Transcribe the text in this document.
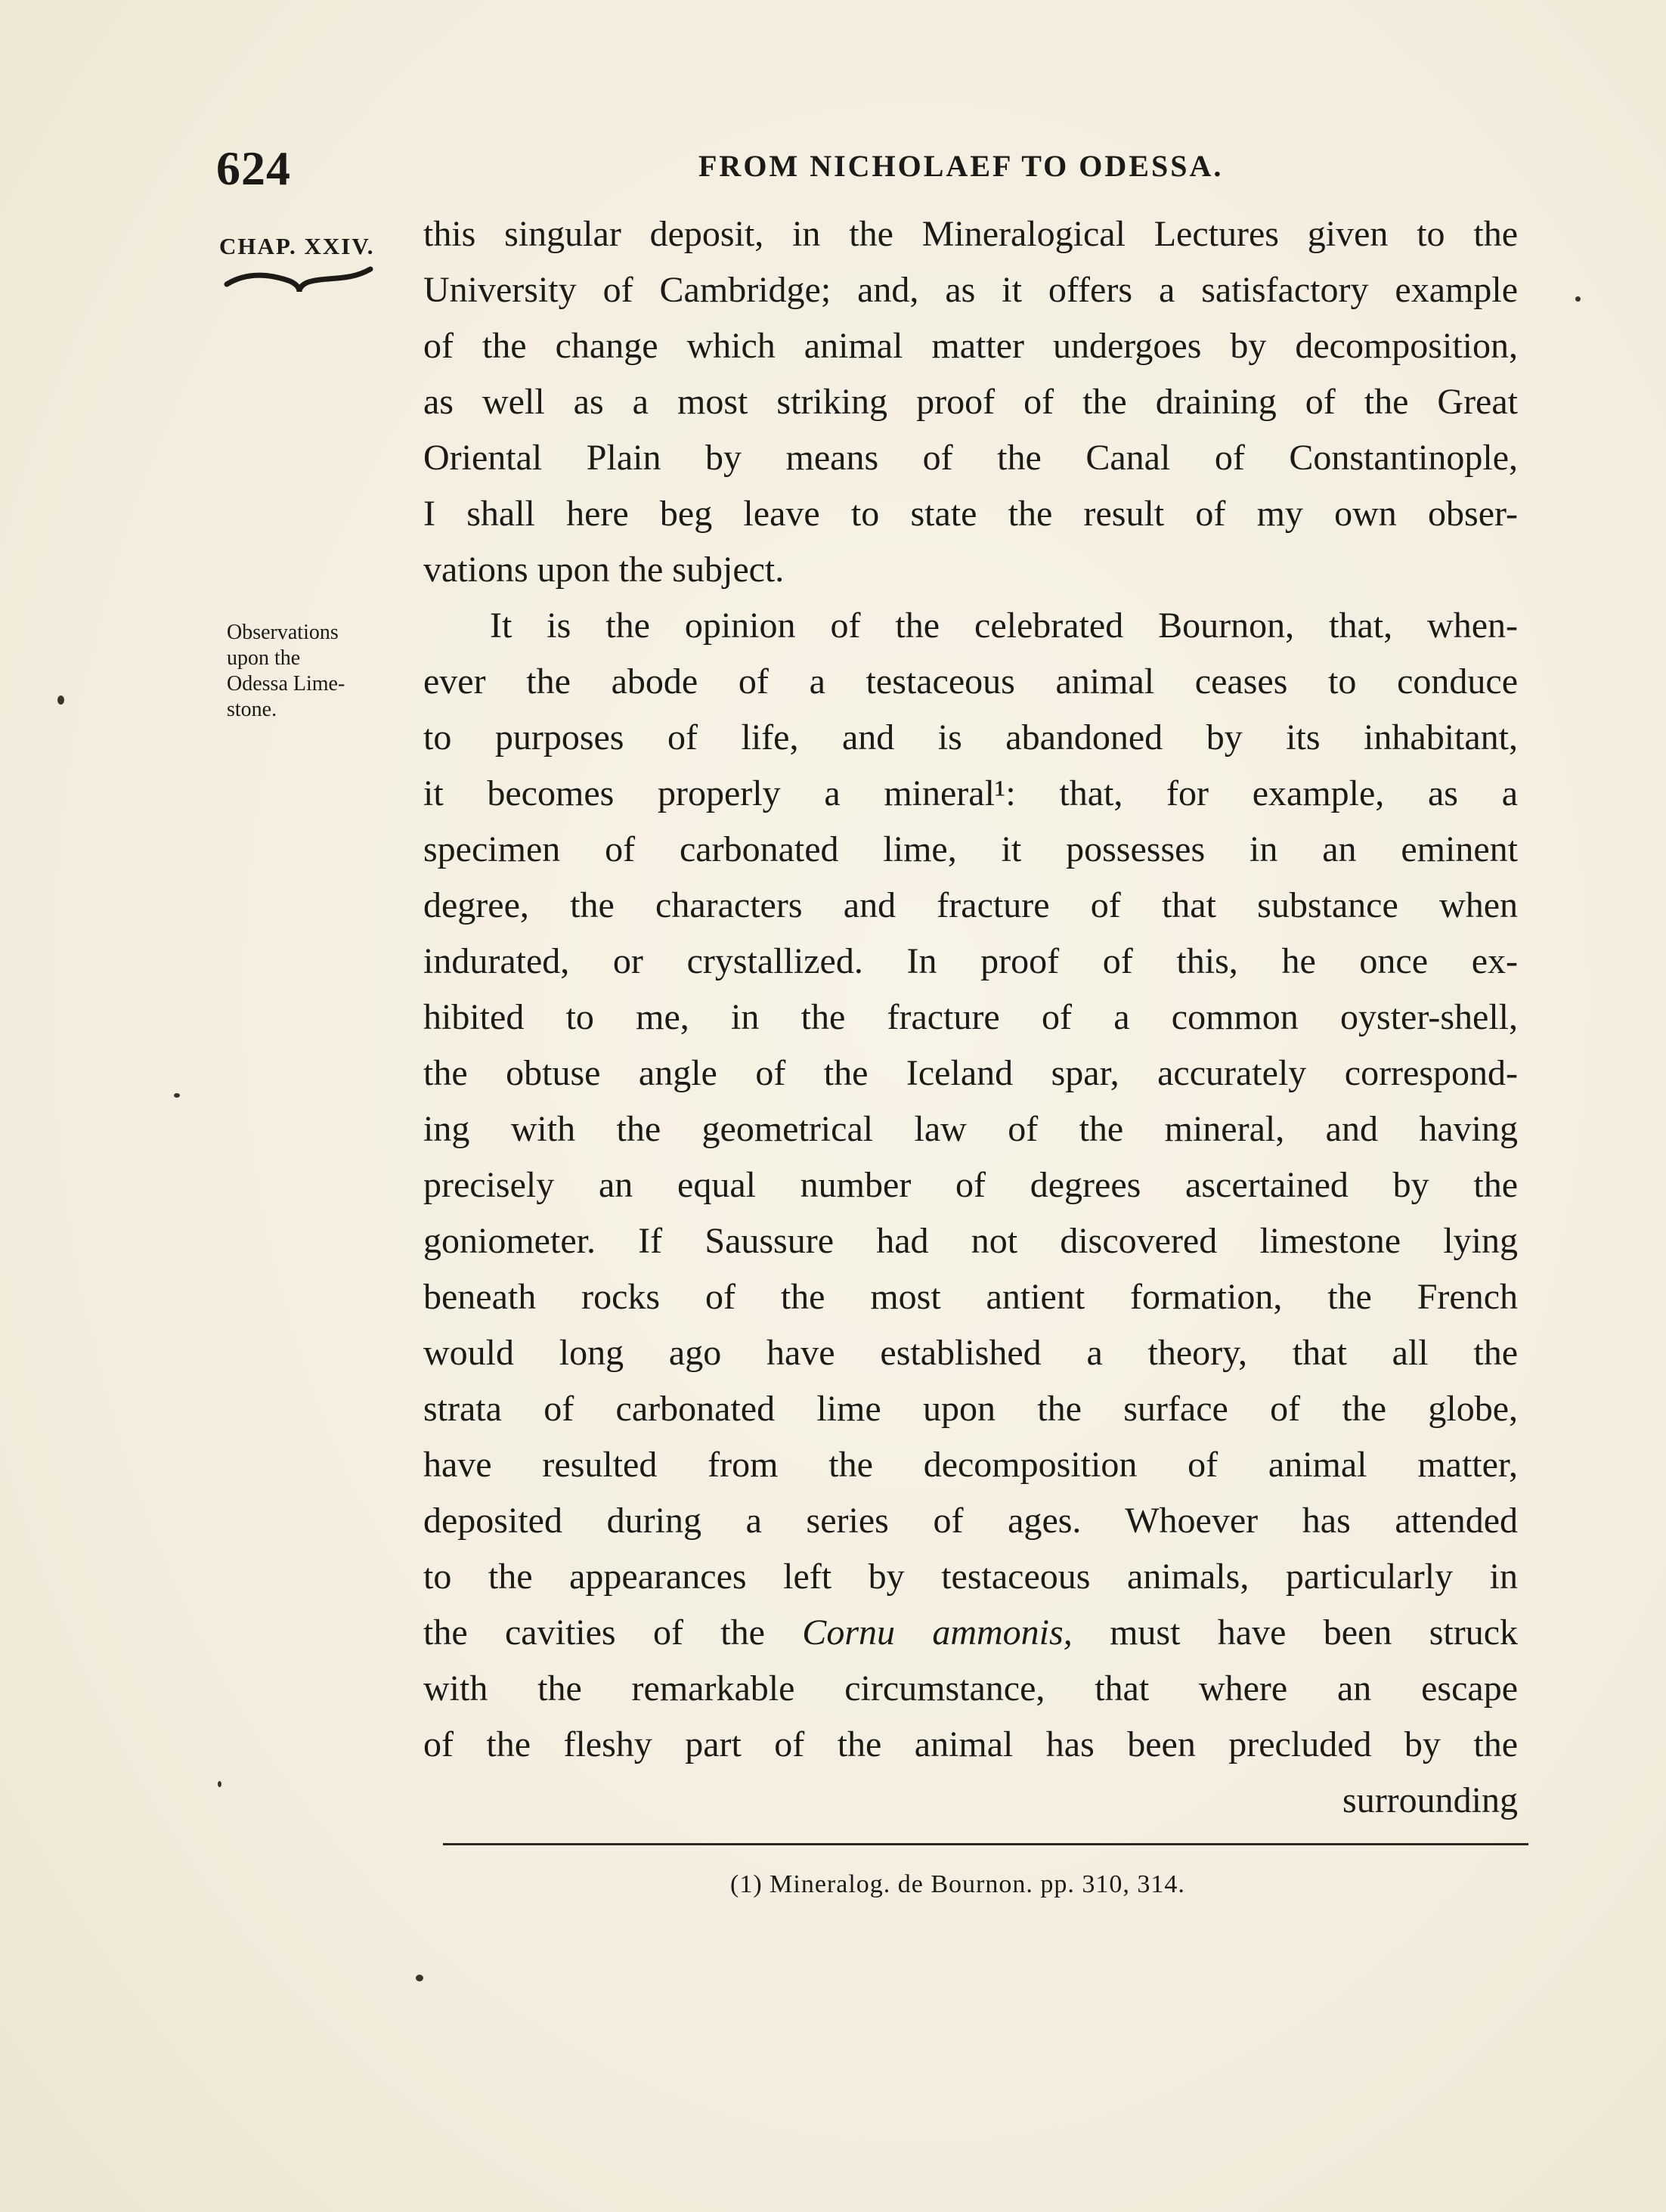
624	FROM NICHOLAEF TO ODESSA.
CHAP. XXIV.
Observations
upon the
Odessa Lime-
stone.
this singular deposit, in the Mineralogical Lectures given to the
University of Cambridge; and, as it offers a satisfactory example
of the change which animal matter undergoes by decomposition,
as well as a most striking proof of the draining of the Great
Oriental Plain by means of the Canal of Constantinople,
I shall here beg leave to state the result of my own obser-
vations upon the subject.
It is the opinion of the celebrated Bournon, that, when-
ever the abode of a testaceous animal ceases to conduce
to purposes of life, and is abandoned by its inhabitant,
it becomes properly a mineral¹: that, for example, as a
specimen of carbonated lime, it possesses in an eminent
degree, the characters and fracture of that substance when
indurated, or crystallized. In proof of this, he once ex-
hibited to me, in the fracture of a common oyster-shell,
the obtuse angle of the Iceland spar, accurately correspond-
ing with the geometrical law of the mineral, and having
precisely an equal number of degrees ascertained by the
goniometer. If Saussure had not discovered limestone lying
beneath rocks of the most antient formation, the French
would long ago have established a theory, that all the
strata of carbonated lime upon the surface of the globe,
have resulted from the decomposition of animal matter,
deposited during a series of ages. Whoever has attended
to the appearances left by testaceous animals, particularly in
the cavities of the Cornu ammonis, must have been struck
with the remarkable circumstance, that where an escape
of the fleshy part of the animal has been precluded by the
surrounding
(1) Mineralog. de Bournon. pp. 310, 314.
